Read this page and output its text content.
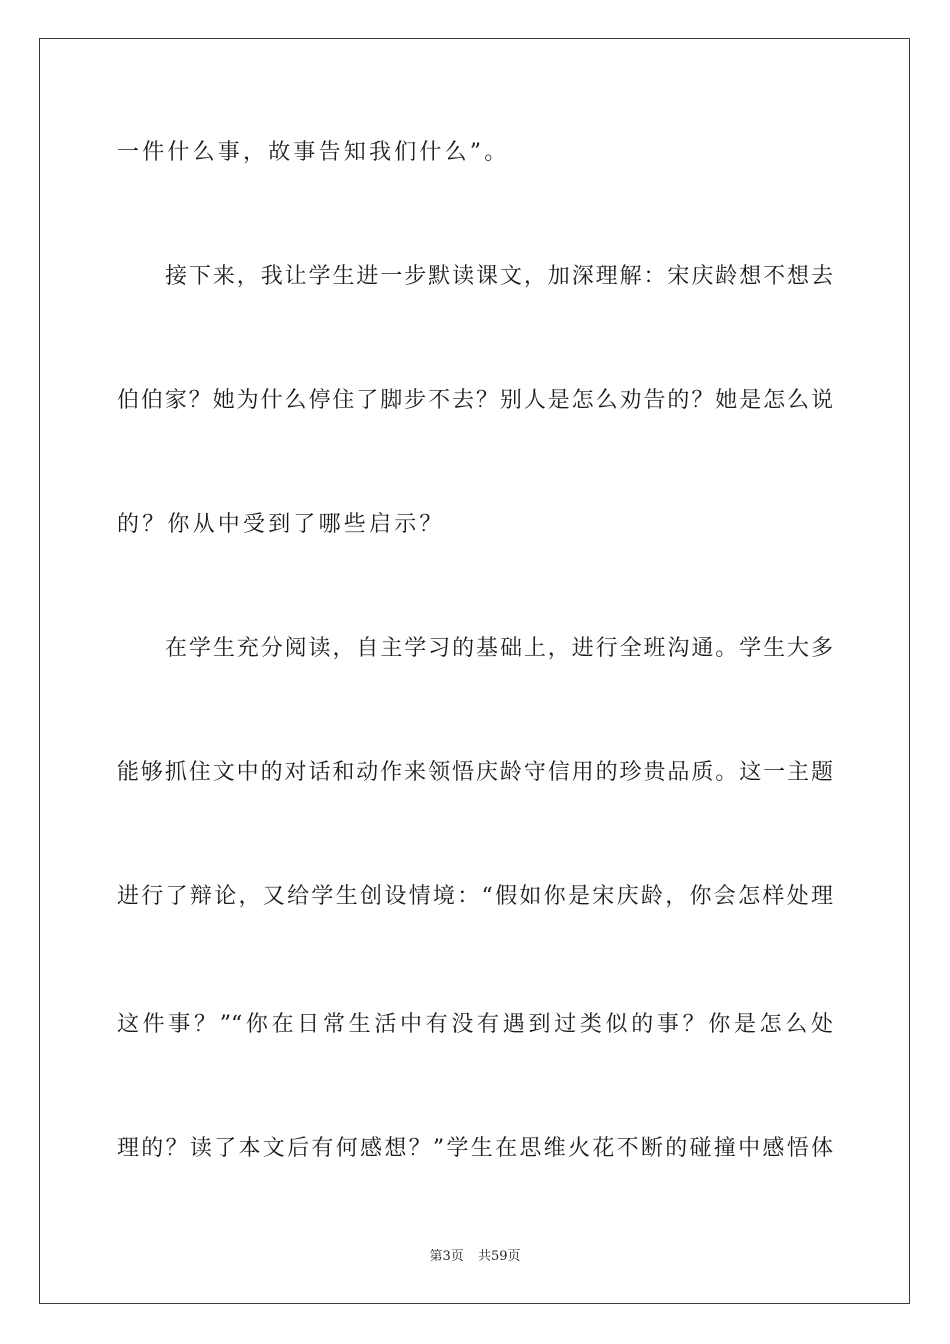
一件什么事，故事告知我们什么”。
接下来，我让学生进一步默读课文，加深理解：宋庆龄想不想去
伯伯家？她为什么停住了脚步不去？别人是怎么劝告的？她是怎么说
的？你从中受到了哪些启示？
在学生充分阅读，自主学习的基础上，进行全班沟通。学生大多
能够抓住文中的对话和动作来领悟庆龄守信用的珍贵品质。这一主题
进行了辩论，又给学生创设情境：“假如你是宋庆龄，你会怎样处理
这件事？”“你在日常生活中有没有遇到过类似的事？你是怎么处
理的？读了本文后有何感想？”学生在思维火花不断的碰撞中感悟体
第3页 共59页
